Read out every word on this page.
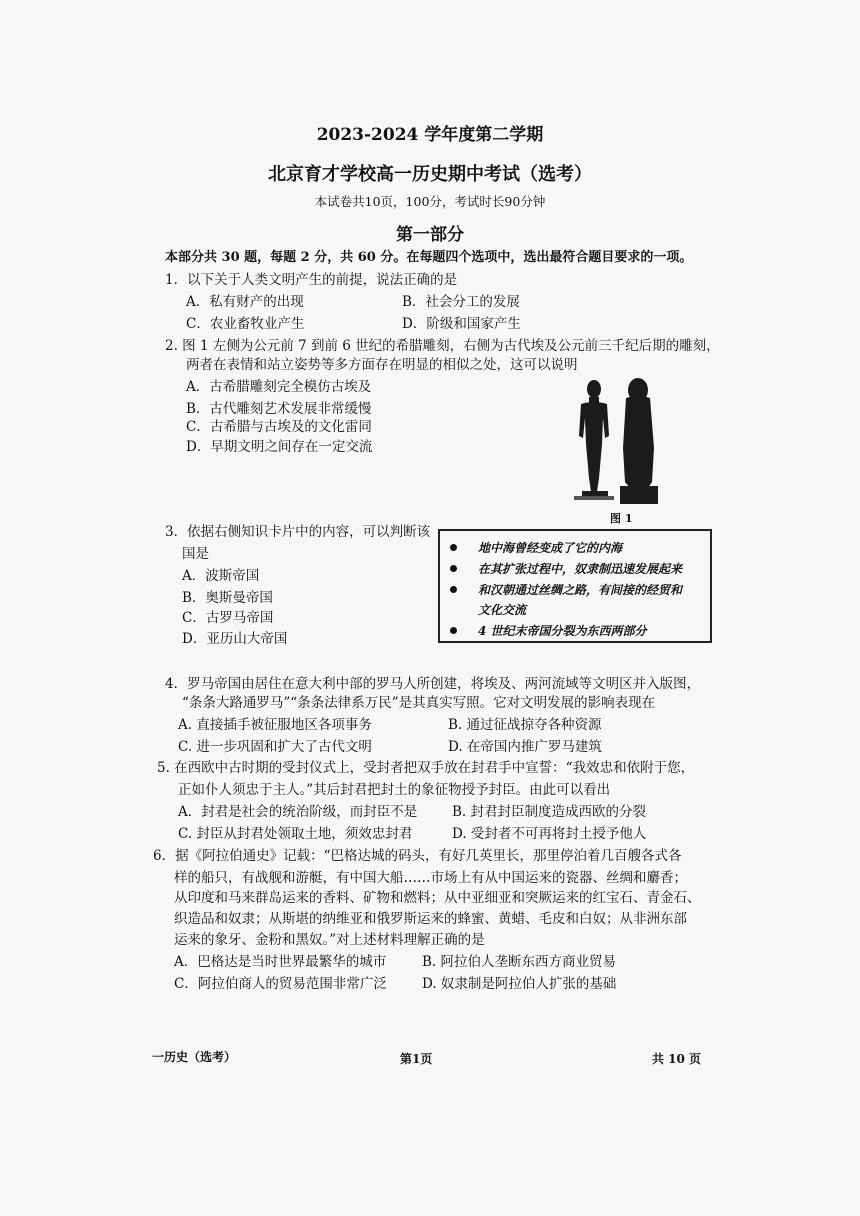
2023-2024 学年度第二学期
北京育才学校高一历史期中考试（选考）
本试卷共10页，100分，考试时长90分钟
第一部分
本部分共 30 题，每题 2 分，共 60 分。在每题四个选项中，选出最符合题目要求的一项。
1．以下关于人类文明产生的前提，说法正确的是
A．私有财产的出现	B．社会分工的发展
C．农业畜牧业产生	D．阶级和国家产生
2. 图 1 左侧为公元前 7 到前 6 世纪的希腊雕刻，右侧为古代埃及公元前三千纪后期的雕刻，
两者在表情和站立姿势等多方面存在明显的相似之处，这可以说明
A．古希腊雕刻完全模仿古埃及
B．古代雕刻艺术发展非常缓慢
C．古希腊与古埃及的文化雷同
D．早期文明之间存在一定交流
图 1
3．依据右侧知识卡片中的内容，可以判断该
国是
A．波斯帝国
B．奥斯曼帝国
C．古罗马帝国
D．亚历山大帝国
地中海曾经变成了它的内海
在其扩张过程中，奴隶制迅速发展起来
和汉朝通过丝绸之路，有间接的经贸和
文化交流
4 世纪末帝国分裂为东西两部分
4．罗马帝国由居住在意大利中部的罗马人所创建，将埃及、两河流域等文明区并入版图，
“条条大路通罗马”“条条法律系万民”是其真实写照。它对文明发展的影响表现在
A. 直接插手被征服地区各项事务	B. 通过征战掠夺各种资源
C. 进一步巩固和扩大了古代文明	D. 在帝国内推广罗马建筑
5. 在西欧中古时期的受封仪式上，受封者把双手放在封君手中宣誓：“我效忠和依附于您，
正如仆人须忠于主人。”其后封君把封土的象征物授予封臣。由此可以看出
A．封君是社会的统治阶级，而封臣不是	B. 封君封臣制度造成西欧的分裂
C. 封臣从封君处领取土地，须效忠封君	D. 受封者不可再将封土授予他人
6．据《阿拉伯通史》记载：“巴格达城的码头，有好几英里长，那里停泊着几百艘各式各
样的船只，有战舰和游艇，有中国大船……市场上有从中国运来的瓷器、丝绸和麝香；
从印度和马来群岛运来的香料、矿物和燃料；从中亚细亚和突厥运来的红宝石、青金石、
织造品和奴隶；从斯堪的纳维亚和俄罗斯运来的蜂蜜、黄蜡、毛皮和白奴；从非洲东部
运来的象牙、金粉和黑奴。”对上述材料理解正确的是
A．巴格达是当时世界最繁华的城市	B. 阿拉伯人垄断东西方商业贸易
C．阿拉伯商人的贸易范围非常广泛	D. 奴隶制是阿拉伯人扩张的基础
一历史（选考）	第1页	共 10 页
